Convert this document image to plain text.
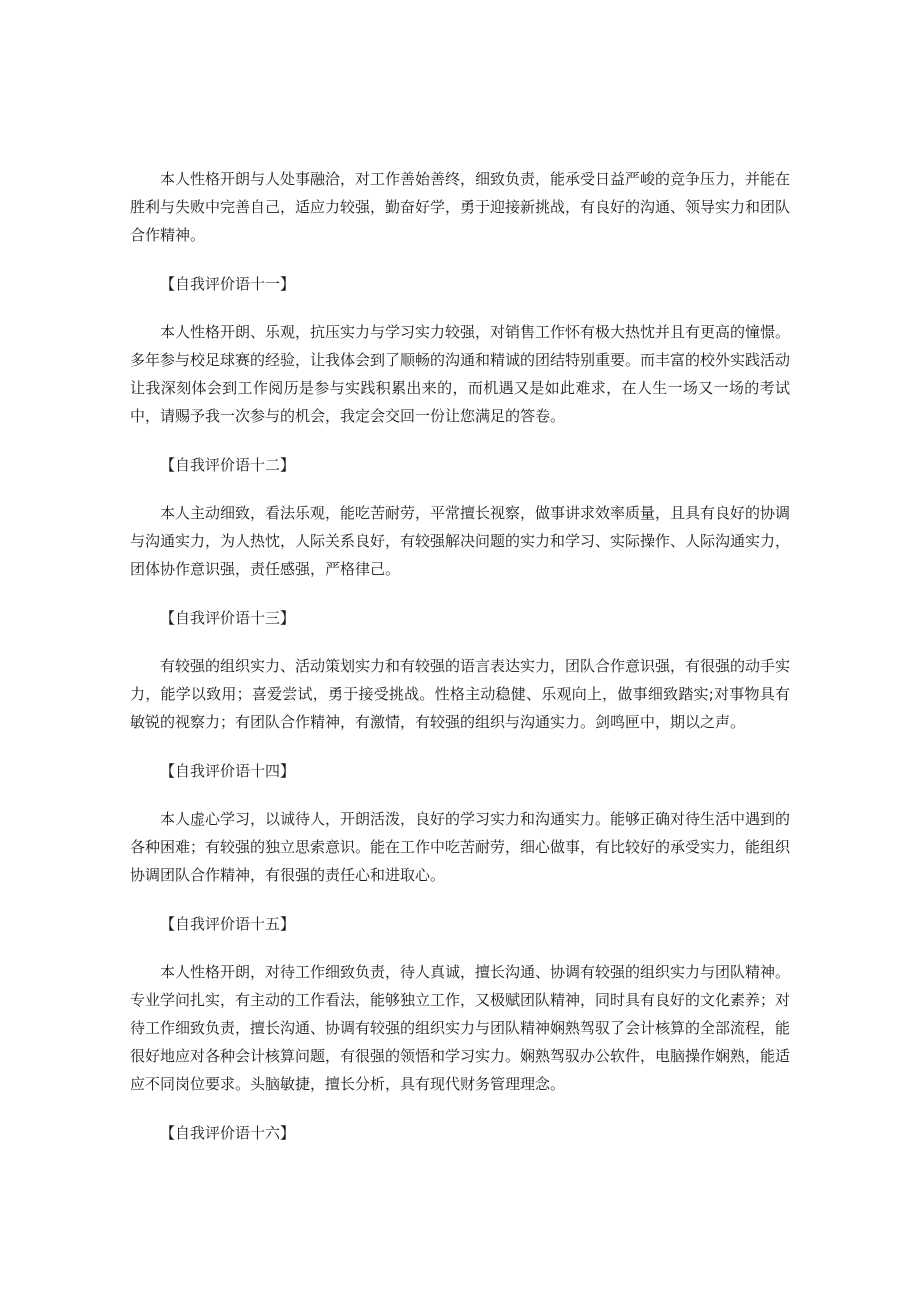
本人性格开朗与人处事融洽，对工作善始善终，细致负责，能承受日益严峻的竞争压力，并能在胜利与失败中完善自己，适应力较强，勤奋好学，勇于迎接新挑战，有良好的沟通、领导实力和团队合作精神。

【自我评价语十一】

本人性格开朗、乐观，抗压实力与学习实力较强，对销售工作怀有极大热忱并且有更高的憧憬。多年参与校足球赛的经验，让我体会到了顺畅的沟通和精诚的团结特别重要。而丰富的校外实践活动让我深刻体会到工作阅历是参与实践积累出来的，而机遇又是如此难求，在人生一场又一场的考试中，请赐予我一次参与的机会，我定会交回一份让您满足的答卷。

【自我评价语十二】

本人主动细致，看法乐观，能吃苦耐劳，平常擅长视察，做事讲求效率质量，且具有良好的协调与沟通实力，为人热忱，人际关系良好，有较强解决问题的实力和学习、实际操作、人际沟通实力，团体协作意识强，责任感强，严格律己。

【自我评价语十三】

有较强的组织实力、活动策划实力和有较强的语言表达实力，团队合作意识强，有很强的动手实力，能学以致用；喜爱尝试，勇于接受挑战。性格主动稳健、乐观向上，做事细致踏实;对事物具有敏锐的视察力；有团队合作精神，有激情，有较强的组织与沟通实力。剑鸣匣中，期以之声。

【自我评价语十四】

本人虚心学习，以诚待人，开朗活泼，良好的学习实力和沟通实力。能够正确对待生活中遇到的各种困难；有较强的独立思索意识。能在工作中吃苦耐劳，细心做事，有比较好的承受实力，能组织协调团队合作精神，有很强的责任心和进取心。

【自我评价语十五】

本人性格开朗，对待工作细致负责，待人真诚，擅长沟通、协调有较强的组织实力与团队精神。专业学问扎实，有主动的工作看法，能够独立工作，又极赋团队精神，同时具有良好的文化素养；对待工作细致负责，擅长沟通、协调有较强的组织实力与团队精神娴熟驾驭了会计核算的全部流程，能很好地应对各种会计核算问题，有很强的领悟和学习实力。娴熟驾驭办公软件，电脑操作娴熟，能适应不同岗位要求。头脑敏捷，擅长分析，具有现代财务管理理念。

【自我评价语十六】
